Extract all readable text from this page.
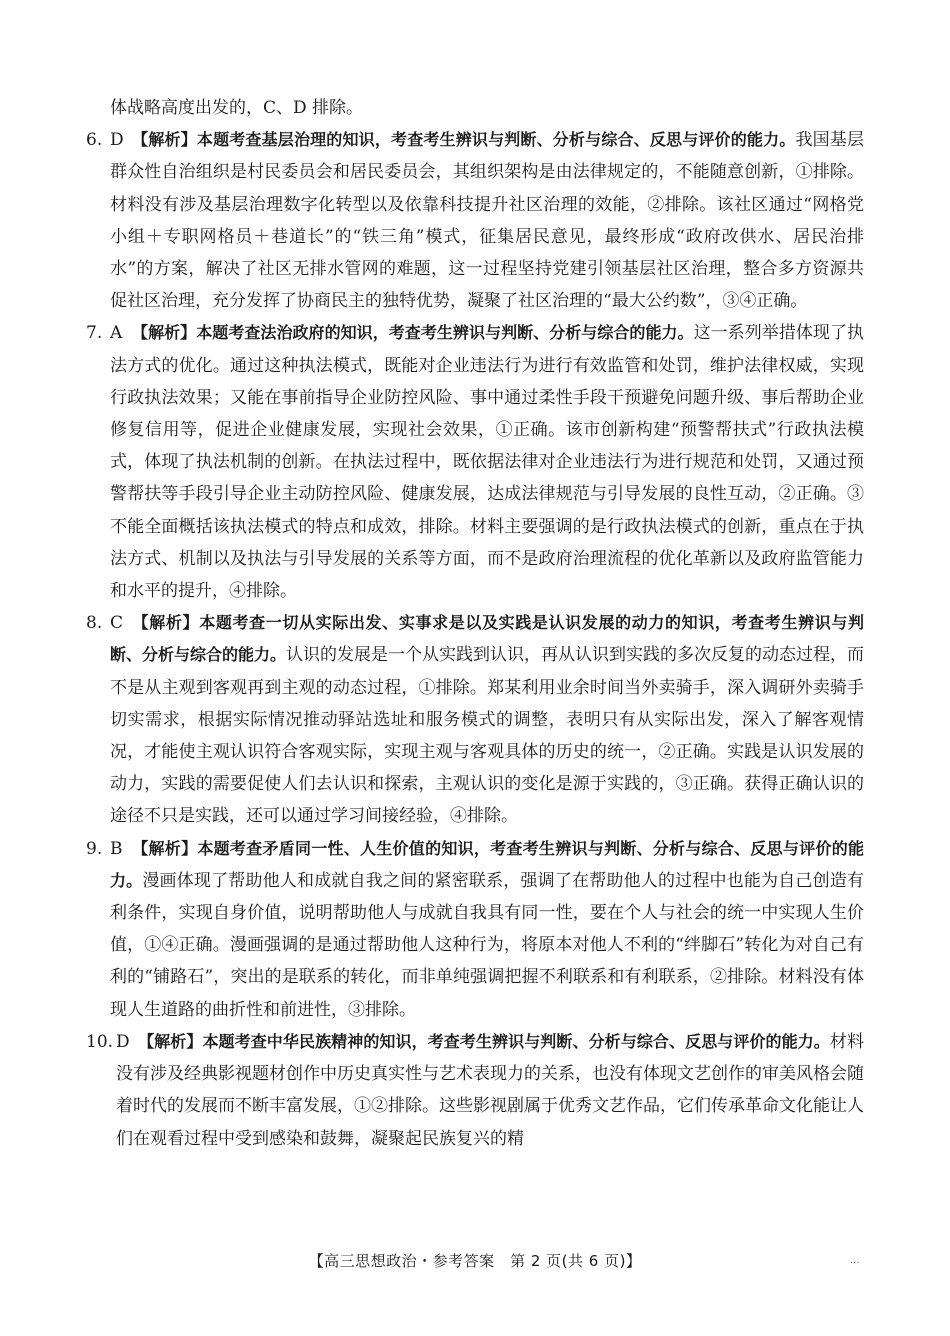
体战略高度出发的，C、D 排除。

6. D 【解析】本题考查基层治理的知识，考查考生辨识与判断、分析与综合、反思与评价的能力。我国基层群众性自治组织是村民委员会和居民委员会，其组织架构是由法律规定的，不能随意创新，①排除。材料没有涉及基层治理数字化转型以及依靠科技提升社区治理的效能，②排除。该社区通过“网格党小组＋专职网格员＋巷道长”的“铁三角”模式，征集居民意见，最终形成“政府改供水、居民治排水”的方案，解决了社区无排水管网的难题，这一过程坚持党建引领基层社区治理，整合多方资源共促社区治理，充分发挥了协商民主的独特优势，凝聚了社区治理的“最大公约数”，③④正确。

7. A 【解析】本题考查法治政府的知识，考查考生辨识与判断、分析与综合的能力。这一系列举措体现了执法方式的优化。通过这种执法模式，既能对企业违法行为进行有效监管和处罚，维护法律权威，实现行政执法效果；又能在事前指导企业防控风险、事中通过柔性手段干预避免问题升级、事后帮助企业修复信用等，促进企业健康发展，实现社会效果，①正确。该市创新构建“预警帮扶式”行政执法模式，体现了执法机制的创新。在执法过程中，既依据法律对企业违法行为进行规范和处罚，又通过预警帮扶等手段引导企业主动防控风险、健康发展，达成法律规范与引导发展的良性互动，②正确。③不能全面概括该执法模式的特点和成效，排除。材料主要强调的是行政执法模式的创新，重点在于执法方式、机制以及执法与引导发展的关系等方面，而不是政府治理流程的优化革新以及政府监管能力和水平的提升，④排除。

8. C 【解析】本题考查一切从实际出发、实事求是以及实践是认识发展的动力的知识，考查考生辨识与判断、分析与综合的能力。认识的发展是一个从实践到认识，再从认识到实践的多次反复的动态过程，而不是从主观到客观再到主观的动态过程，①排除。郑某利用业余时间当外卖骑手，深入调研外卖骑手切实需求，根据实际情况推动驿站选址和服务模式的调整，表明只有从实际出发，深入了解客观情况，才能使主观认识符合客观实际，实现主观与客观具体的历史的统一，②正确。实践是认识发展的动力，实践的需要促使人们去认识和探索，主观认识的变化是源于实践的，③正确。获得正确认识的途径不只是实践，还可以通过学习间接经验，④排除。

9. B 【解析】本题考查矛盾同一性、人生价值的知识，考查考生辨识与判断、分析与综合、反思与评价的能力。漫画体现了帮助他人和成就自我之间的紧密联系，强调了在帮助他人的过程中也能为自己创造有利条件，实现自身价值，说明帮助他人与成就自我具有同一性，要在个人与社会的统一中实现人生价值，①④正确。漫画强调的是通过帮助他人这种行为，将原本对他人不利的“绊脚石”转化为对自己有利的“铺路石”，突出的是联系的转化，而非单纯强调把握不利联系和有利联系，②排除。材料没有体现人生道路的曲折性和前进性，③排除。

10. D 【解析】本题考查中华民族精神的知识，考查考生辨识与判断、分析与综合、反思与评价的能力。材料没有涉及经典影视题材创作中历史真实性与艺术表现力的关系，也没有体现文艺创作的审美风格会随着时代的发展而不断丰富发展，①②排除。这些影视剧属于优秀文艺作品，它们传承革命文化能让人们在观看过程中受到感染和鼓舞，凝聚起民族复兴的精

【高三思想政治・参考答案　第 2 页(共 6 页)】	...
